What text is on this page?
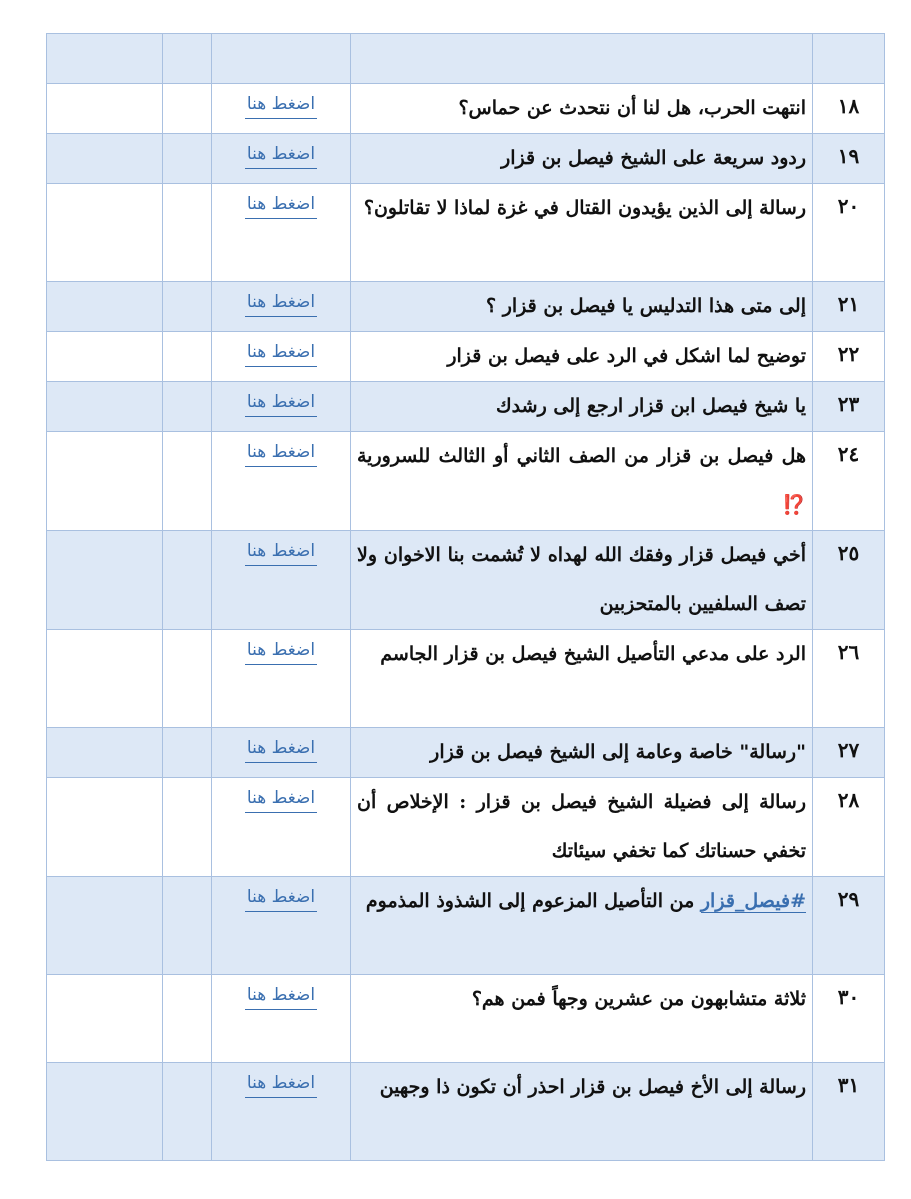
١٨	انتهت الحرب، هل لنا أن نتحدث عن حماس؟	اضغط هنا		
١٩	ردود سريعة على الشيخ فيصل بن قزار	اضغط هنا		
٢٠	رسالة إلى الذين يؤيدون القتال في غزة لماذا لا تقاتلون؟	اضغط هنا		
٢١	إلى متى هذا التدليس يا فيصل بن قزار ؟	اضغط هنا		
٢٢	توضيح لما اشكل في الرد على فيصل بن قزار	اضغط هنا		
٢٣	يا شيخ فيصل ابن قزار ارجع إلى رشدك	اضغط هنا		
٢٤	هل فيصل بن قزار من الصف الثاني أو الثالث للسرورية ⁉️	اضغط هنا		
٢٥	أخي فيصل قزار وفقك الله لهداه لا تُشمت بنا الاخوان ولا تصف السلفيين بالمتحزبين	اضغط هنا		
٢٦	الرد على مدعي التأصيل الشيخ فيصل بن قزار الجاسم	اضغط هنا		
٢٧	"رسالة" خاصة وعامة إلى الشيخ فيصل بن قزار	اضغط هنا		
٢٨	رسالة إلى فضيلة الشيخ فيصل بن قزار : الإخلاص أن تخفي حسناتك كما تخفي سيئاتك	اضغط هنا		
٢٩	#فيصل_قزار من التأصيل المزعوم إلى الشذوذ المذموم	اضغط هنا		
٣٠	ثلاثة متشابهون من عشرين وجهاً فمن هم؟	اضغط هنا		
٣١	رسالة إلى الأخ فيصل بن قزار احذر أن تكون ذا وجهين	اضغط هنا		
